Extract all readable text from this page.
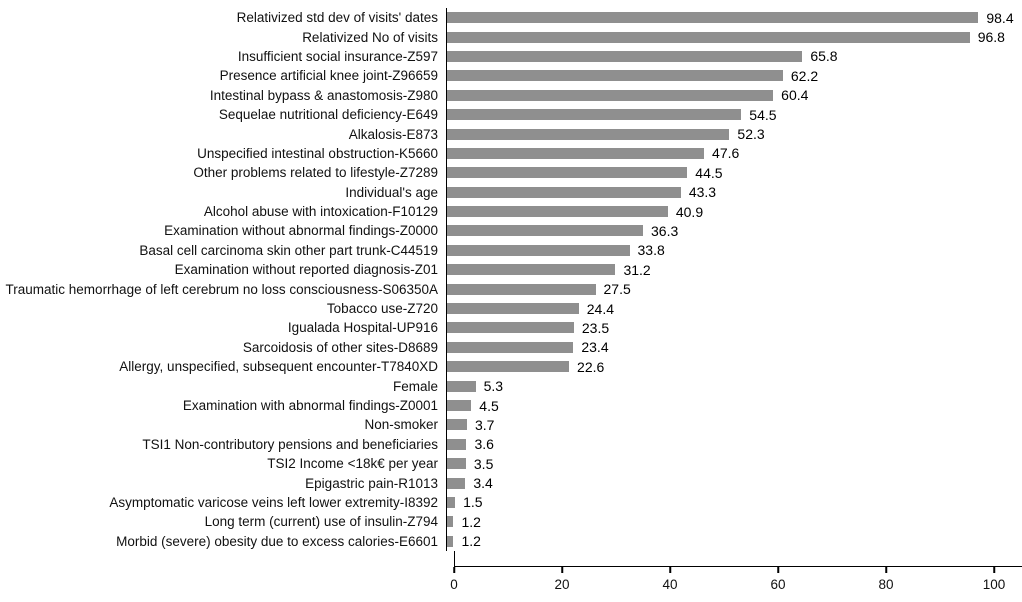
Relativized std dev of visits' dates	98.4
Relativized No of visits	96.8
Insufficient social insurance-Z597	65.8
Presence artificial knee joint-Z96659	62.2
Intestinal bypass & anastomosis-Z980	60.4
Sequelae nutritional deficiency-E649	54.5
Alkalosis-E873	52.3
Unspecified intestinal obstruction-K5660	47.6
Other problems related to lifestyle-Z7289	44.5
Individual's age	43.3
Alcohol abuse with intoxication-F10129	40.9
Examination without abnormal findings-Z0000	36.3
Basal cell carcinoma skin other part trunk-C44519	33.8
Examination without reported diagnosis-Z01	31.2
Traumatic hemorrhage of left cerebrum no loss consciousness-S06350A	27.5
Tobacco use-Z720	24.4
Igualada Hospital-UP916	23.5
Sarcoidosis of other sites-D8689	23.4
Allergy, unspecified, subsequent encounter-T7840XD	22.6
Female	5.3
Examination with abnormal findings-Z0001	4.5
Non-smoker	3.7
TSI1 Non-contributory pensions and beneficiaries	3.6
TSI2 Income <18k€ per year	3.5
Epigastric pain-R1013	3.4
Asymptomatic varicose veins left lower extremity-I8392	1.5
Long term (current) use of insulin-Z794	1.2
Morbid (severe) obesity due to excess calories-E6601	1.2
0	20	40	60	80	100
